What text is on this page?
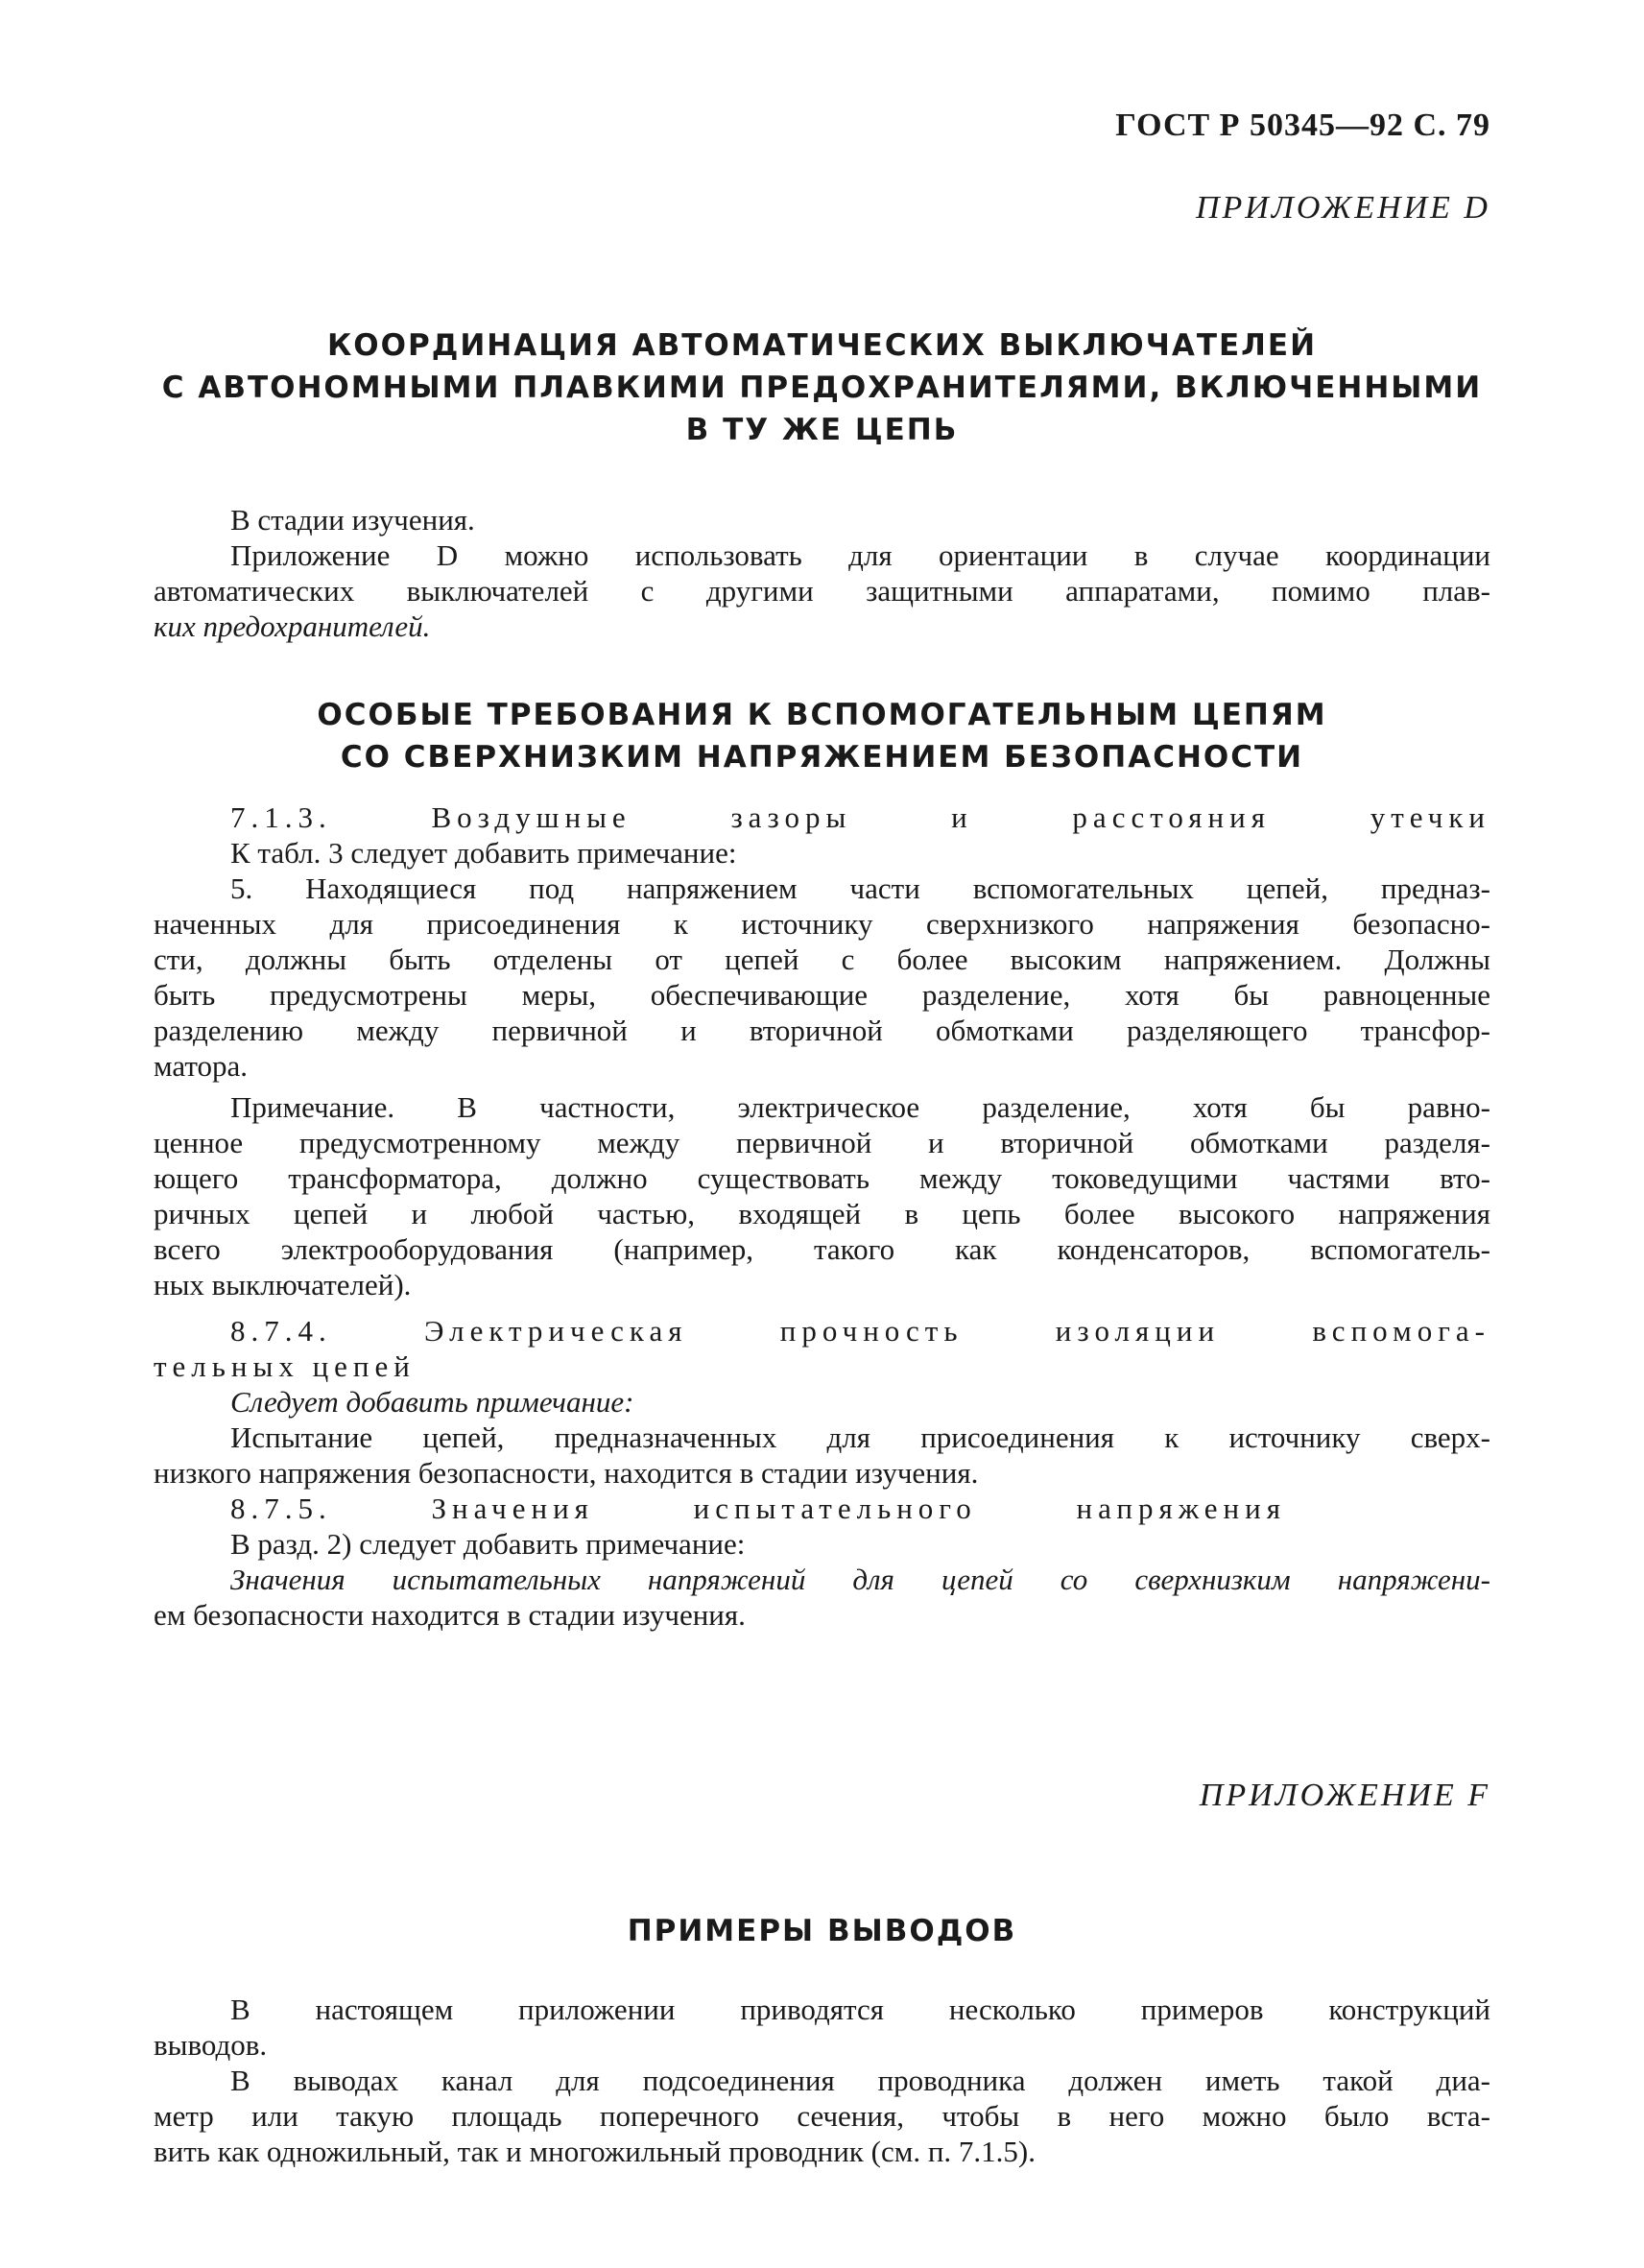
ГОСТ Р 50345—92 С. 79
ПРИЛОЖЕНИЕ D
КООРДИНАЦИЯ АВТОМАТИЧЕСКИХ ВЫКЛЮЧАТЕЛЕЙ
С АВТОНОМНЫМИ ПЛАВКИМИ ПРЕДОХРАНИТЕЛЯМИ, ВКЛЮЧЕННЫМИ
В ТУ ЖЕ ЦЕПЬ
В стадии изучения.
Приложение D можно использовать для ориентации в случае координации
автоматических выключателей с другими защитными аппаратами, помимо плав-
ких предохранителей.
ОСОБЫЕ ТРЕБОВАНИЯ К ВСПОМОГАТЕЛЬНЫМ ЦЕПЯМ
СО СВЕРХНИЗКИМ НАПРЯЖЕНИЕМ БЕЗОПАСНОСТИ
7.1.3. Воздушные зазоры и расстояния утечки
К табл. 3 следует добавить примечание:
5. Находящиеся под напряжением части вспомогательных цепей, предназ-
наченных для присоединения к источнику сверхнизкого напряжения безопасно-
сти, должны быть отделены от цепей с более высоким напряжением. Должны
быть предусмотрены меры, обеспечивающие разделение, хотя бы равноценные
разделению между первичной и вторичной обмотками разделяющего трансфор-
матора.
Примечание. В частности, электрическое разделение, хотя бы равно-
ценное предусмотренному между первичной и вторичной обмотками разделя-
ющего трансформатора, должно существовать между токоведущими частями вто-
ричных цепей и любой частью, входящей в цепь более высокого напряжения
всего электрооборудования (например, такого как конденсаторов, вспомогатель-
ных выключателей).
8.7.4. Электрическая прочность изоляции вспомога-
тельных цепей
Следует добавить примечание:
Испытание цепей, предназначенных для присоединения к источнику сверх-
низкого напряжения безопасности, находится в стадии изучения.
8.7.5. Значения испытательного напряжения
В разд. 2) следует добавить примечание:
Значения испытательных напряжений для цепей со сверхнизким напряжени-
ем безопасности находится в стадии изучения.
ПРИЛОЖЕНИЕ F
ПРИМЕРЫ ВЫВОДОВ
В настоящем приложении приводятся несколько примеров конструкций
выводов.
В выводах канал для подсоединения проводника должен иметь такой диа-
метр или такую площадь поперечного сечения, чтобы в него можно было вста-
вить как одножильный, так и многожильный проводник (см. п. 7.1.5).
